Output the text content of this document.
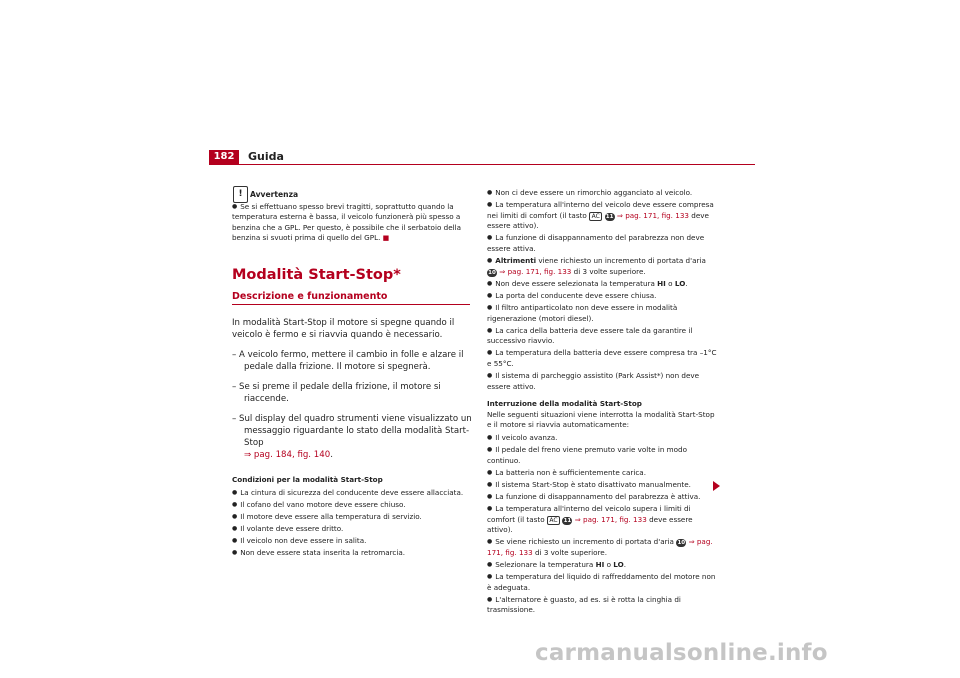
182	Guida
! Avvertenza
● Se si effettuano spesso brevi tragitti, soprattutto quando la temperatura esterna è bassa, il veicolo funzionerà più spesso a benzina che a GPL. Per questo, è possibile che il serbatoio della benzina si svuoti prima di quello del GPL. ■
Modalità Start-Stop*
Descrizione e funzionamento
In modalità Start-Stop il motore si spegne quando il veicolo è fermo e si riavvia quando è necessario.
– A veicolo fermo, mettere il cambio in folle e alzare il pedale dalla frizione. Il motore si spegnerà.
– Se si preme il pedale della frizione, il motore si riaccende.
– Sul display del quadro strumenti viene visualizzato un messaggio riguardante lo stato della modalità Start-Stop
⇒ pag. 184, fig. 140.
Condizioni per la modalità Start-Stop
● La cintura di sicurezza del conducente deve essere allacciata.
● Il cofano del vano motore deve essere chiuso.
● Il motore deve essere alla temperatura di servizio.
● Il volante deve essere dritto.
● Il veicolo non deve essere in salita.
● Non deve essere stata inserita la retromarcia.
● Non ci deve essere un rimorchio agganciato al veicolo.
● La temperatura all'interno del veicolo deve essere compresa nei limiti di comfort (il tasto AC 11 ⇒ pag. 171, fig. 133 deve essere attivo).
● La funzione di disappannamento del parabrezza non deve essere attiva.
● Altrimenti viene richiesto un incremento di portata d'aria 10 ⇒ pag. 171, fig. 133 di 3 volte superiore.
● Non deve essere selezionata la temperatura HI o LO.
● La porta del conducente deve essere chiusa.
● Il filtro antiparticolato non deve essere in modalità rigenerazione (motori diesel).
● La carica della batteria deve essere tale da garantire il successivo riavvio.
● La temperatura della batteria deve essere compresa tra –1°C e 55°C.
● Il sistema di parcheggio assistito (Park Assist*) non deve essere attivo.
Interruzione della modalità Start-Stop
Nelle seguenti situazioni viene interrotta la modalità Start-Stop e il motore si riavvia automaticamente:
● Il veicolo avanza.
● Il pedale del freno viene premuto varie volte in modo continuo.
● La batteria non è sufficientemente carica.
● Il sistema Start-Stop è stato disattivato manualmente.
● La funzione di disappannamento del parabrezza è attiva.
● La temperatura all'interno del veicolo supera i limiti di comfort (il tasto AC 11 ⇒ pag. 171, fig. 133 deve essere attivo).
● Se viene richiesto un incremento di portata d'aria 10 ⇒ pag. 171, fig. 133 di 3 volte superiore.
● Selezionare la temperatura HI o LO.
● La temperatura del liquido di raffreddamento del motore non è adeguata.
● L'alternatore è guasto, ad es. si è rotta la cinghia di trasmissione.
carmanualsonline.info
